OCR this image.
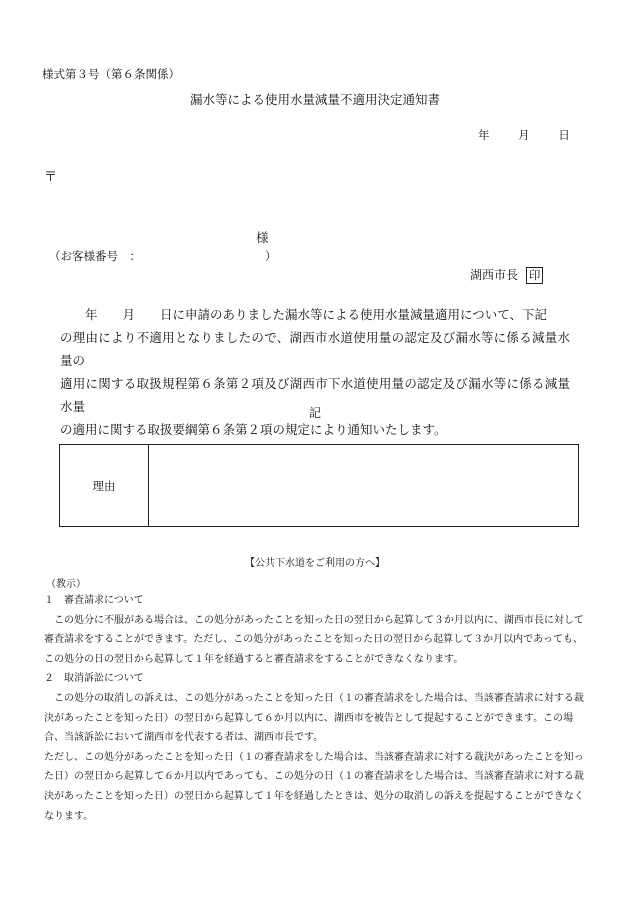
様式第３号（第６条関係）
漏水等による使用水量減量不適用決定通知書
年　　 月　　 日
〒
様
（お客様番号　：	）
湖西市長 印

　　年　　月　　日に申請のありました漏水等による使用水量減量適用について、下記

の理由により不適用となりましたので、湖西市水道使用量の認定及び漏水等に係る減量水量の

適用に関する取扱規程第６条第２項及び湖西市下水道使用量の認定及び漏水等に係る減量水量

の適用に関する取扱要綱第６条第２項の規定により通知いたします。

記
理由	
【公共下水道をご利用の方へ】
（教示）

１　審査請求について

この処分に不服がある場合は、この処分があったことを知った日の翌日から起算して３か月以内に、湖西市長に対して審査請求をすることができます。ただし、この処分があったことを知った日の翌日から起算して３か月以内であっても、この処分の日の翌日から起算して１年を経過すると審査請求をすることができなくなります。

２　取消訴訟について

この処分の取消しの訴えは、この処分があったことを知った日（１の審査請求をした場合は、当該審査請求に対する裁決があったことを知った日）の翌日から起算して６か月以内に、湖西市を被告として提起することができます。この場合、当該訴訟において湖西市を代表する者は、湖西市長です。

ただし、この処分があったことを知った日（１の審査請求をした場合は、当該審査請求に対する裁決があったことを知った日）の翌日から起算して６か月以内であっても、この処分の日（１の審査請求をした場合は、当該審査請求に対する裁決があったことを知った日）の翌日から起算して１年を経過したときは、処分の取消しの訴えを提起することができなくなります。
